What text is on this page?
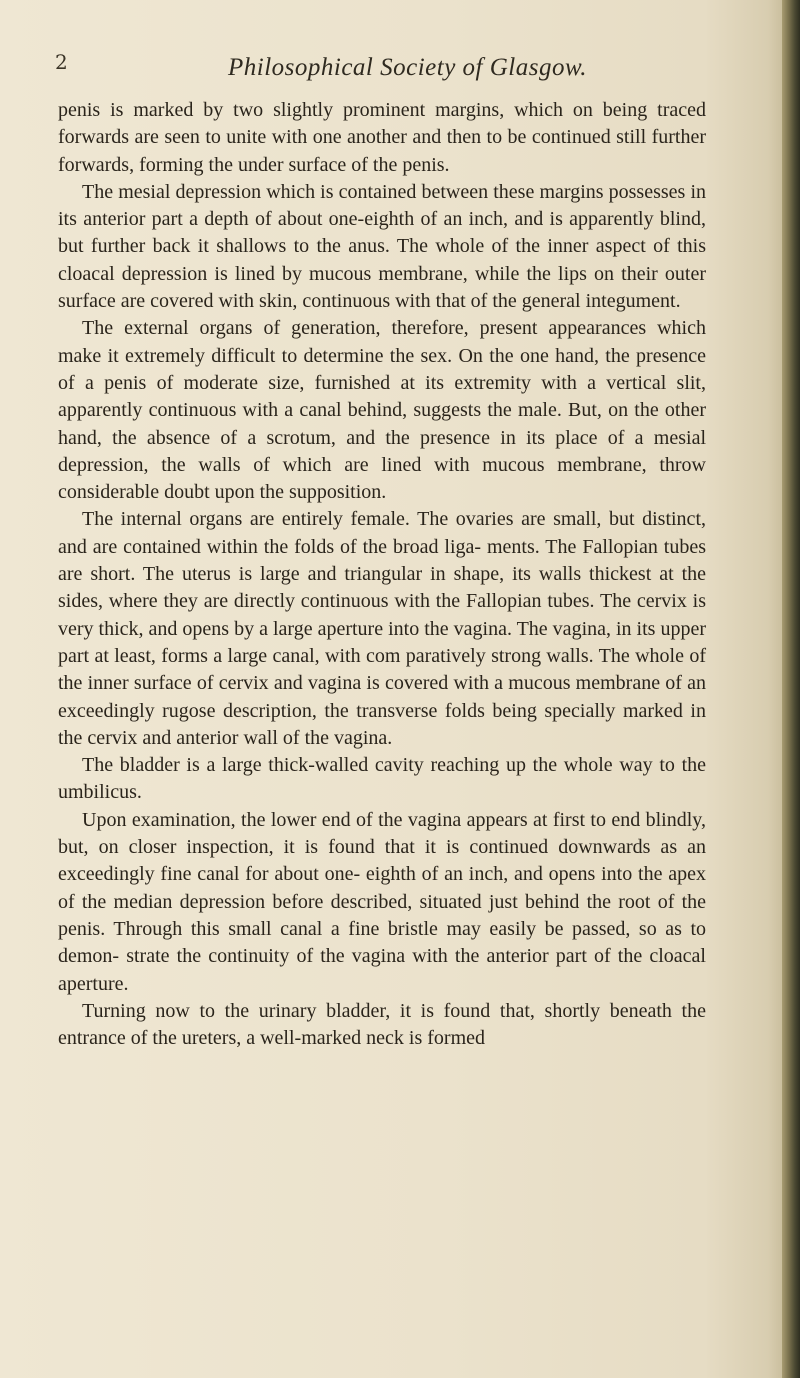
2	Philosophical Society of Glasgow.

penis is marked by two slightly prominent margins, which on being traced forwards are seen to unite with one another and then to be continued still further forwards, forming the under surface of the penis.

The mesial depression which is contained between these margins possesses in its anterior part a depth of about one-eighth of an inch, and is apparently blind, but further back it shallows to the anus. The whole of the inner aspect of this cloacal depression is lined by mucous membrane, while the lips on their outer surface are covered with skin, continuous with that of the general integument.

The external organs of generation, therefore, present appearances which make it extremely difficult to determine the sex. On the one hand, the presence of a penis of moderate size, furnished at its extremity with a vertical slit, apparently continuous with a canal behind, suggests the male. But, on the other hand, the absence of a scrotum, and the presence in its place of a mesial depression, the walls of which are lined with mucous membrane, throw considerable doubt upon the supposition.

The internal organs are entirely female. The ovaries are small, but distinct, and are contained within the folds of the broad liga- ments. The Fallopian tubes are short. The uterus is large and triangular in shape, its walls thickest at the sides, where they are directly continuous with the Fallopian tubes. The cervix is very thick, and opens by a large aperture into the vagina. The vagina, in its upper part at least, forms a large canal, with com paratively strong walls. The whole of the inner surface of cervix and vagina is covered with a mucous membrane of an exceedingly rugose description, the transverse folds being specially marked in the cervix and anterior wall of the vagina.

The bladder is a large thick-walled cavity reaching up the whole way to the umbilicus.

Upon examination, the lower end of the vagina appears at first to end blindly, but, on closer inspection, it is found that it is continued downwards as an exceedingly fine canal for about one- eighth of an inch, and opens into the apex of the median depression before described, situated just behind the root of the penis. Through this small canal a fine bristle may easily be passed, so as to demon- strate the continuity of the vagina with the anterior part of the cloacal aperture.

Turning now to the urinary bladder, it is found that, shortly beneath the entrance of the ureters, a well-marked neck is formed
